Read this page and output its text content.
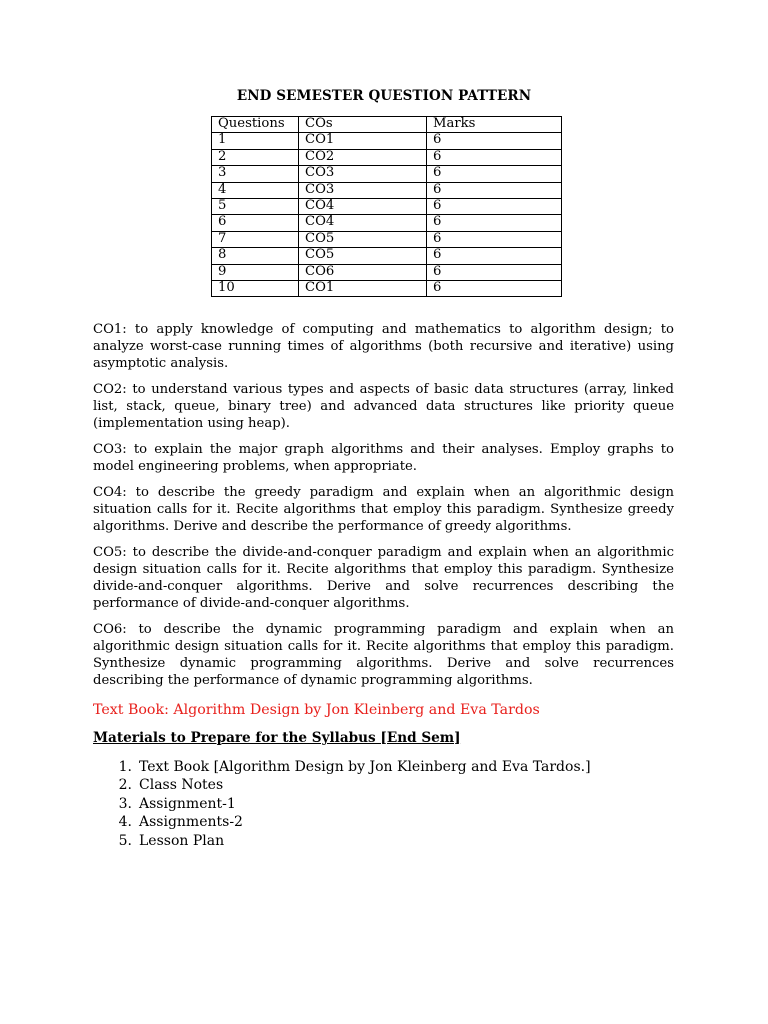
END SEMESTER QUESTION PATTERN
Questions	COs	Marks
1	CO1	6
2	CO2	6
3	CO3	6
4	CO3	6
5	CO4	6
6	CO4	6
7	CO5	6
8	CO5	6
9	CO6	6
10	CO1	6

CO1: to apply knowledge of computing and mathematics to algorithm design; to analyze worst-case running times of algorithms (both recursive and iterative) using asymptotic analysis.

CO2: to understand various types and aspects of basic data structures (array, linked list, stack, queue, binary tree) and advanced data structures like priority queue (implementation using heap).

CO3: to explain the major graph algorithms and their analyses. Employ graphs to model engineering problems, when appropriate.

CO4: to describe the greedy paradigm and explain when an algorithmic design situation calls for it. Recite algorithms that employ this paradigm. Synthesize greedy algorithms. Derive and describe the performance of greedy algorithms.

CO5: to describe the divide-and-conquer paradigm and explain when an algorithmic design situation calls for it. Recite algorithms that employ this paradigm. Synthesize divide-and-conquer algorithms. Derive and solve recurrences describing the performance of divide-and-conquer algorithms.

CO6: to describe the dynamic programming paradigm and explain when an algorithmic design situation calls for it. Recite algorithms that employ this paradigm. Synthesize dynamic programming algorithms. Derive and solve recurrences describing the performance of dynamic programming algorithms.

Text Book: Algorithm Design by Jon Kleinberg and Eva Tardos
Materials to Prepare for the Syllabus [End Sem]
1. Text Book [Algorithm Design by Jon Kleinberg and Eva Tardos.]
2. Class Notes
3. Assignment-1
4. Assignments-2
5. Lesson Plan
